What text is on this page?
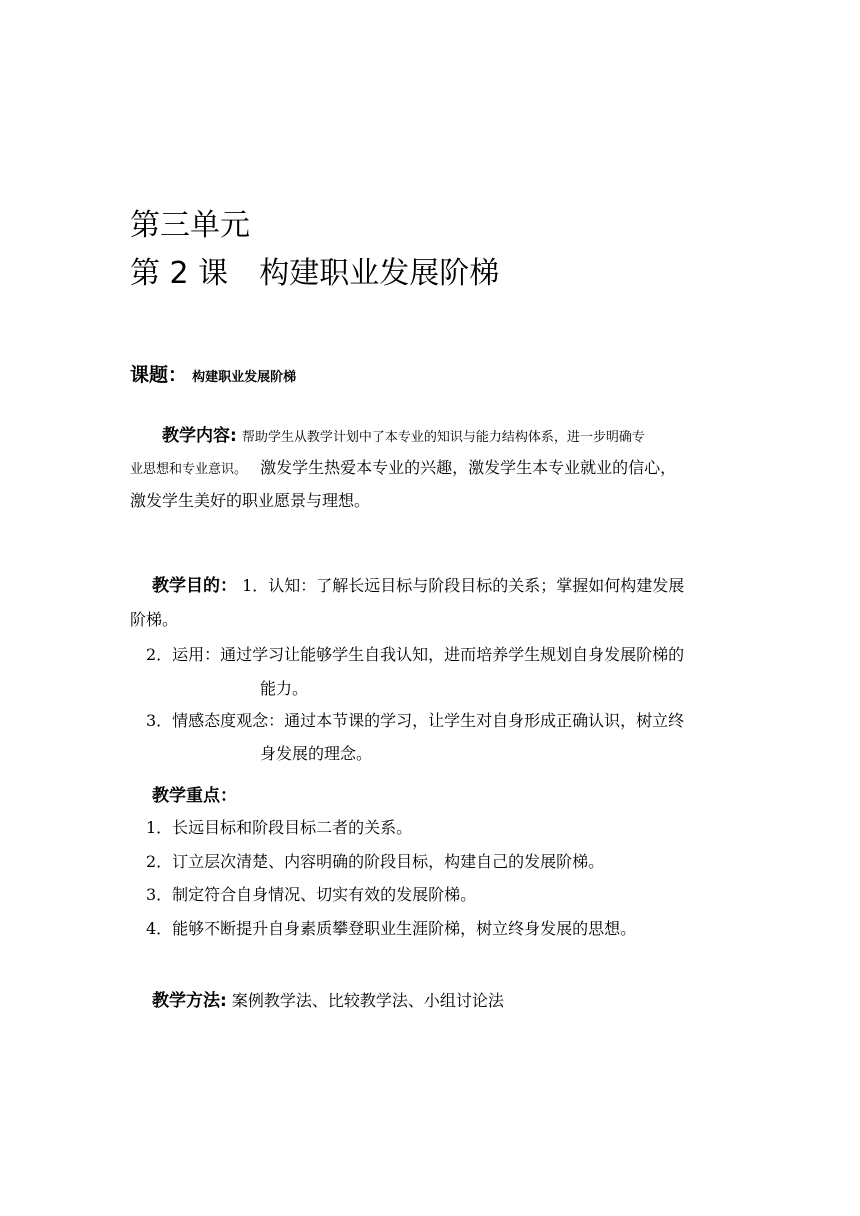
第三单元
第 2 课 构建职业发展阶梯
课题： 构建职业发展阶梯
教学内容: 帮助学生从教学计划中了本专业的知识与能力结构体系，进一步明确专
业思想和专业意识。 激发学生热爱本专业的兴趣，激发学生本专业就业的信心，
激发学生美好的职业愿景与理想。
教学目的： 1．认知：了解长远目标与阶段目标的关系；掌握如何构建发展
阶梯。
2．运用：通过学习让能够学生自我认知，进而培养学生规划自身发展阶梯的
能力。
3．情感态度观念：通过本节课的学习，让学生对自身形成正确认识，树立终
身发展的理念。
教学重点：
1．长远目标和阶段目标二者的关系。
2．订立层次清楚、内容明确的阶段目标，构建自己的发展阶梯。
3．制定符合自身情况、切实有效的发展阶梯。
4．能够不断提升自身素质攀登职业生涯阶梯，树立终身发展的思想。
教学方法: 案例教学法、比较教学法、小组讨论法
